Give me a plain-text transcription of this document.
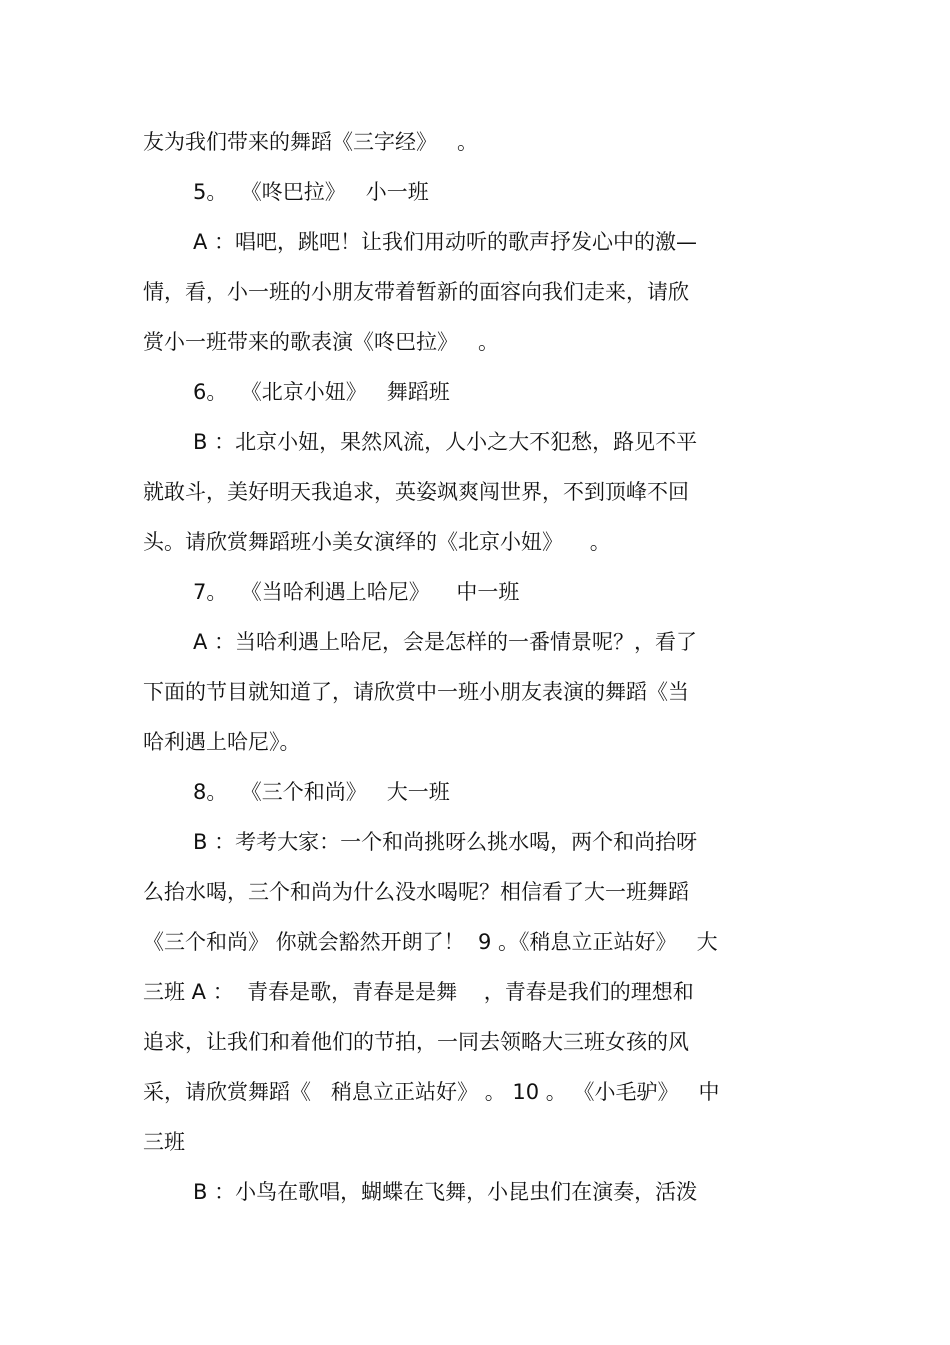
友为我们带来的舞蹈《三字经》   。
5。  《咚巴拉》   小一班
A ：唱吧，跳吧！让我们用动听的歌声抒发心中的激—
情，看，小一班的小朋友带着暂新的面容向我们走来，请欣
赏小一班带来的歌表演《咚巴拉》   。
6。  《北京小妞》   舞蹈班
B ：北京小妞，果然风流，人小之大不犯愁，路见不平
就敢斗，美好明天我追求，英姿飒爽闯世界，不到顶峰不回
头。请欣赏舞蹈班小美女演绎的《北京小妞》    。
7。  《当哈利遇上哈尼》    中一班
A ：当哈利遇上哈尼，会是怎样的一番情景呢？，看了
下面的节目就知道了，请欣赏中一班小朋友表演的舞蹈《当
哈利遇上哈尼》。
8。  《三个和尚》   大一班
B ：考考大家：一个和尚挑呀么挑水喝，两个和尚抬呀
么抬水喝，三个和尚为什么没水喝呢？相信看了大一班舞蹈
《三个和尚》 你就会豁然开朗了！  9 。《稍息立正站好》   大
三班 A ：  青春是歌，青春是是舞    ，青春是我们的理想和
追求，让我们和着他们的节拍，一同去领略大三班女孩的风
采，请欣赏舞蹈《   稍息立正站好》 。 10 。 《小毛驴》   中
三班
B ：小鸟在歌唱，蝴蝶在飞舞，小昆虫们在演奏，活泼
